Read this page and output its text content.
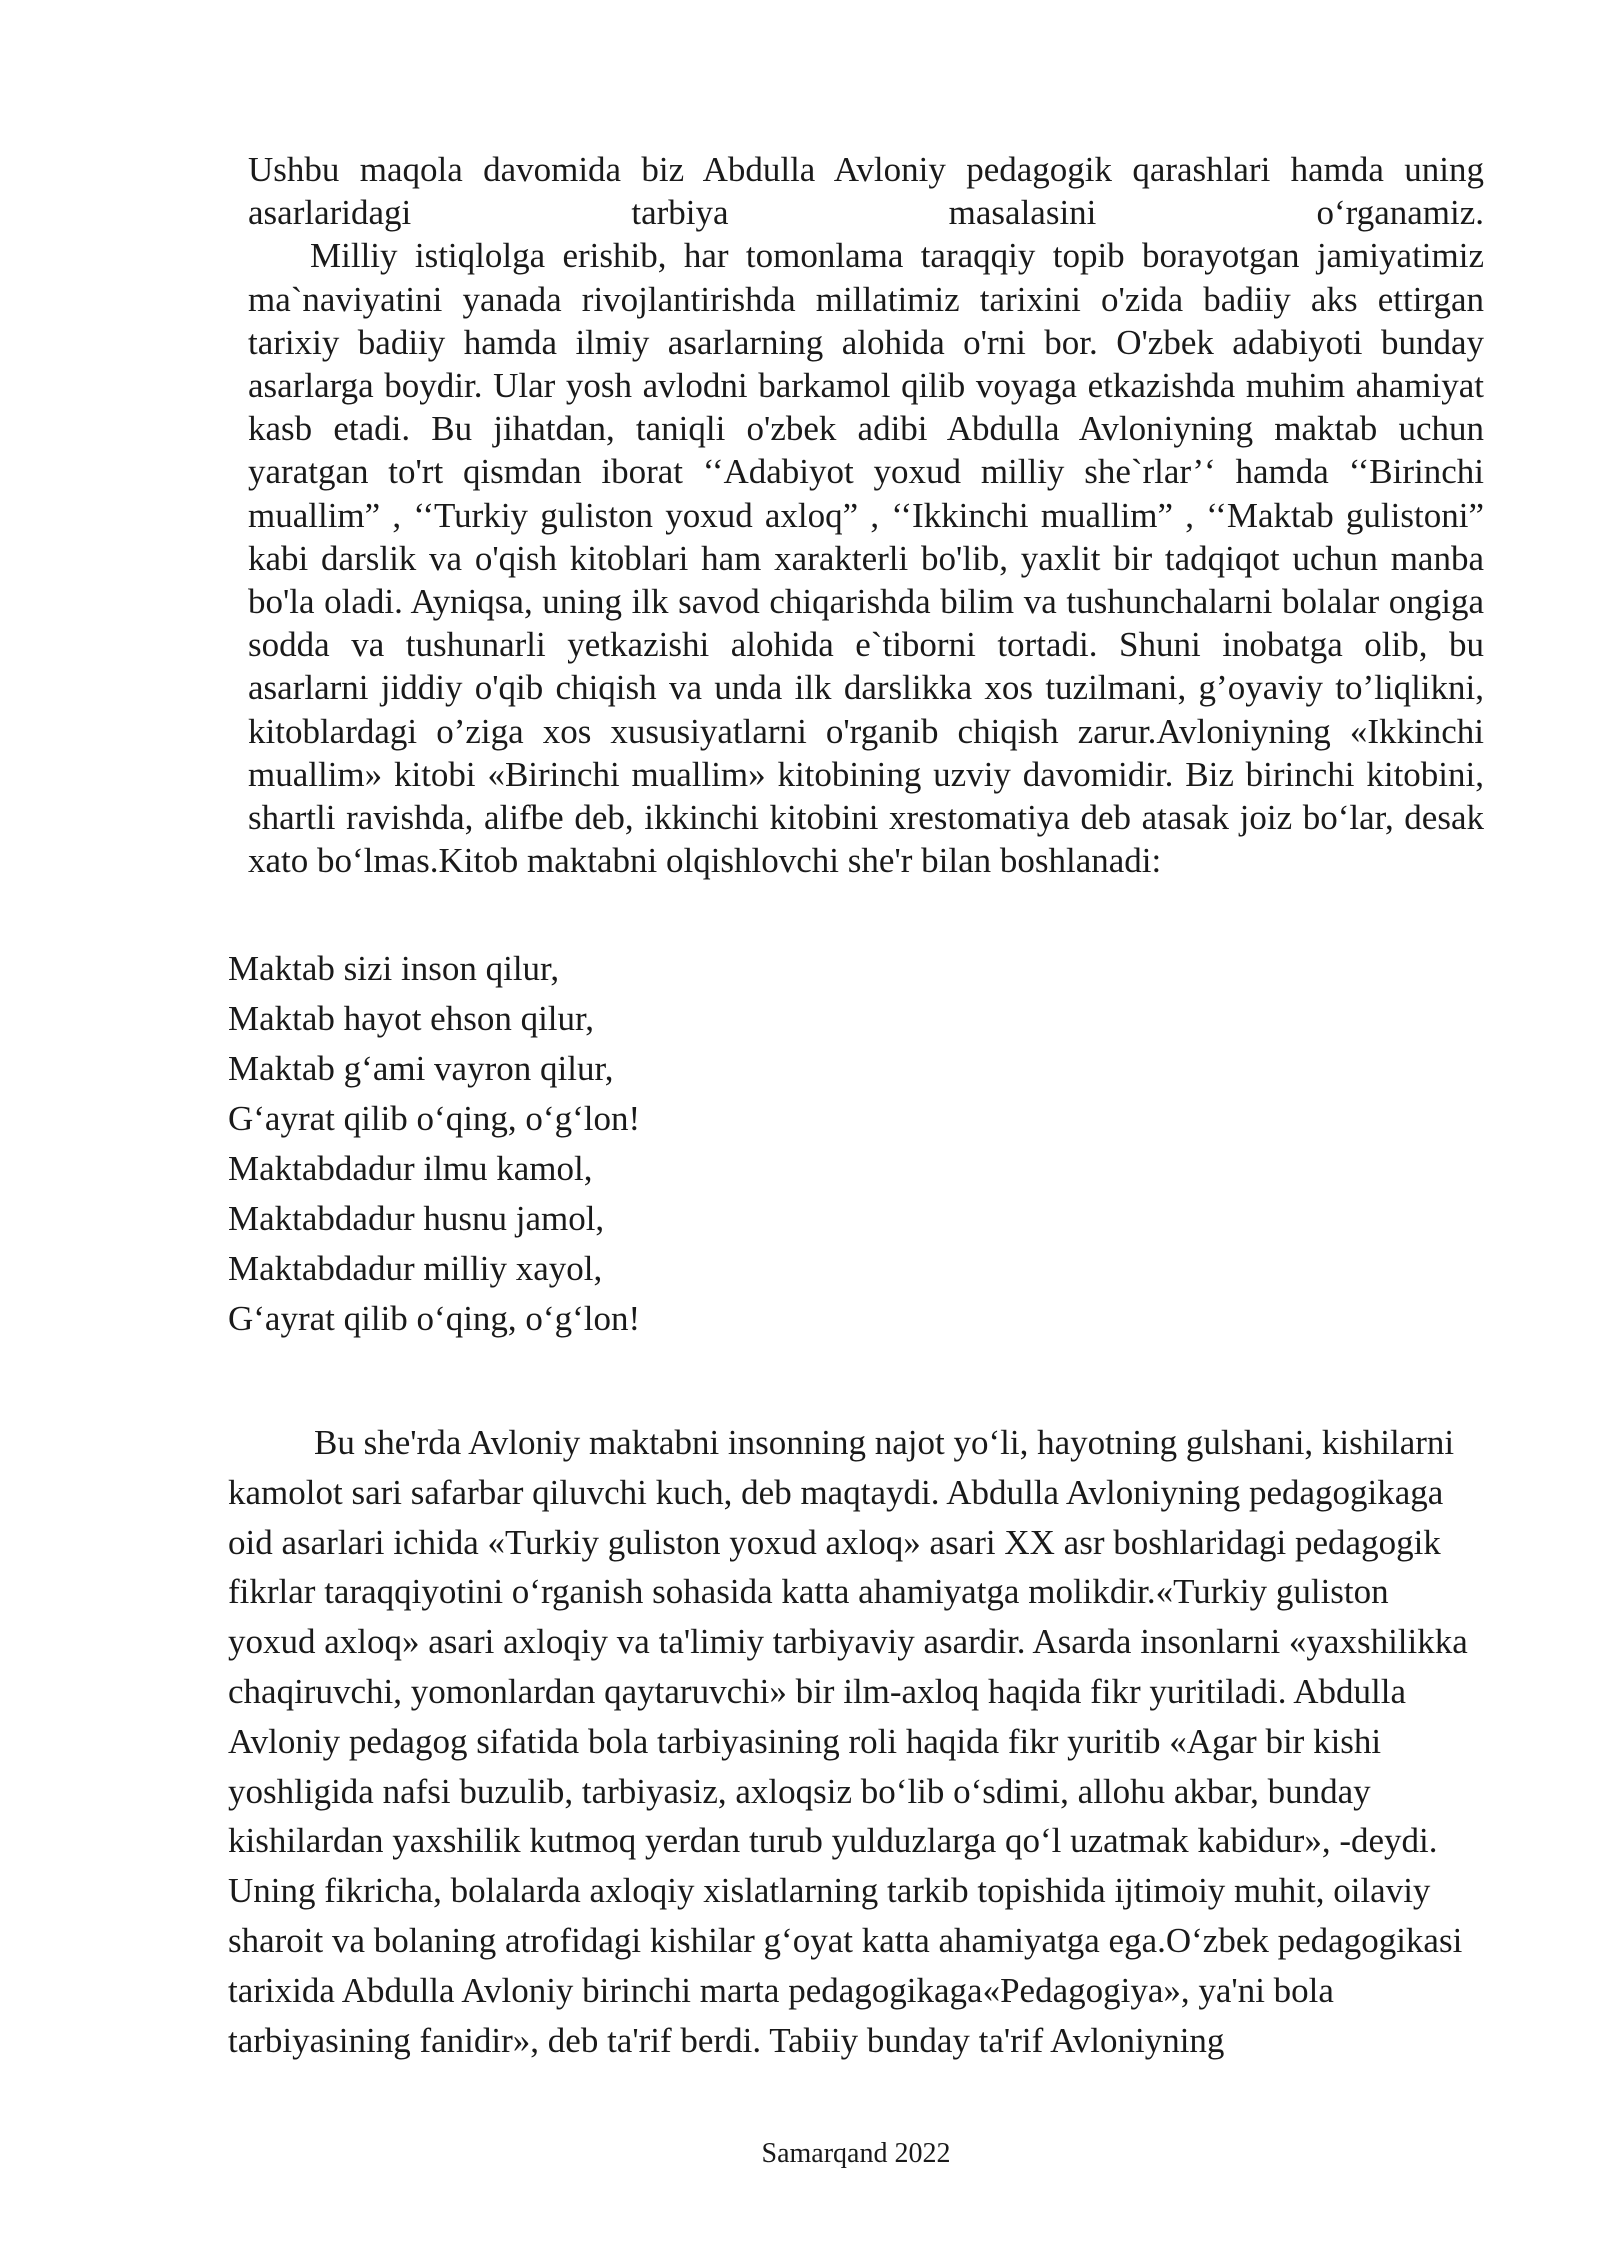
Ushbu maqola davomida biz Abdulla Avloniy pedagogik qarashlari hamda uning asarlaridagi tarbiya masalasini o‘rganamiz.

Milliy istiqlolga erishib, har tomonlama taraqqiy topib borayotgan jamiyatimiz ma`naviyatini yanada rivojlantirishda millatimiz tarixini o'zida badiiy aks ettirgan tarixiy badiiy hamda ilmiy asarlarning alohida o'rni bor. O'zbek adabiyoti bunday asarlarga boydir. Ular yosh avlodni barkamol qilib voyaga etkazishda muhim ahamiyat kasb etadi. Bu jihatdan, taniqli o'zbek adibi Abdulla Avloniyning maktab uchun yaratgan to'rt qismdan iborat ‘‘Adabiyot yoxud milliy she`rlar’‘ hamda ‘‘Birinchi muallim” , ‘‘Turkiy guliston yoxud axloq” , ‘‘Ikkinchi muallim” , ‘‘Maktab gulistoni” kabi darslik va o'qish kitoblari ham xarakterli bo'lib, yaxlit bir tadqiqot uchun manba bo'la oladi. Ayniqsa, uning ilk savod chiqarishda bilim va tushunchalarni bolalar ongiga sodda va tushunarli yetkazishi alohida e`tiborni tortadi. Shuni inobatga olib, bu asarlarni jiddiy o'qib chiqish va unda ilk darslikka xos tuzilmani, g’oyaviy to’liqlikni, kitoblardagi o’ziga xos xususiyatlarni o'rganib chiqish zarur.Avloniyning «Ikkinchi muallim» kitobi «Birinchi muallim» kitobining uzviy davomidir. Biz birinchi kitobini, shartli ravishda, alifbe deb, ikkinchi kitobini xrestomatiya deb atasak joiz bo‘lar, desak xato bo‘lmas.Kitob maktabni olqishlovchi she'r bilan boshlanadi:

Maktab sizi inson qilur,
Maktab hayot ehson qilur,
Maktab g‘ami vayron qilur,
G‘ayrat qilib o‘qing, o‘g‘lon!
Maktabdadur ilmu kamol,
Maktabdadur husnu jamol,
Maktabdadur milliy xayol,
G‘ayrat qilib o‘qing, o‘g‘lon!

Bu she'rda Avloniy maktabni insonning najot yo‘li, hayotning gulshani, kishilarni kamolot sari safarbar qiluvchi kuch, deb maqtaydi. Abdulla Avloniyning pedagogikaga oid asarlari ichida «Turkiy guliston yoxud axloq» asari XX asr boshlaridagi pedagogik fikrlar taraqqiyotini o‘rganish sohasida katta ahamiyatga molikdir.«Turkiy guliston yoxud axloq» asari axloqiy va ta'limiy tarbiyaviy asardir. Asarda insonlarni «yaxshilikka chaqiruvchi, yomonlardan qaytaruvchi» bir ilm-axloq haqida fikr yuritiladi. Abdulla Avloniy pedagog sifatida bola tarbiyasining roli haqida fikr yuritib «Agar bir kishi yoshligida nafsi buzulib, tarbiyasiz, axloqsiz bo‘lib o‘sdimi, allohu akbar, bunday kishilardan yaxshilik kutmoq yerdan turub yulduzlarga qo‘l uzatmak kabidur», -deydi. Uning fikricha, bolalarda axloqiy xislatlarning tarkib topishida ijtimoiy muhit, oilaviy sharoit va bolaning atrofidagi kishilar g‘oyat katta ahamiyatga ega.O‘zbek pedagogikasi tarixida Abdulla Avloniy birinchi marta pedagogikaga«Pedagogiya», ya'ni bola tarbiyasining fanidir», deb ta'rif berdi. Tabiiy bunday ta'rif Avloniyning

Samarqand 2022
